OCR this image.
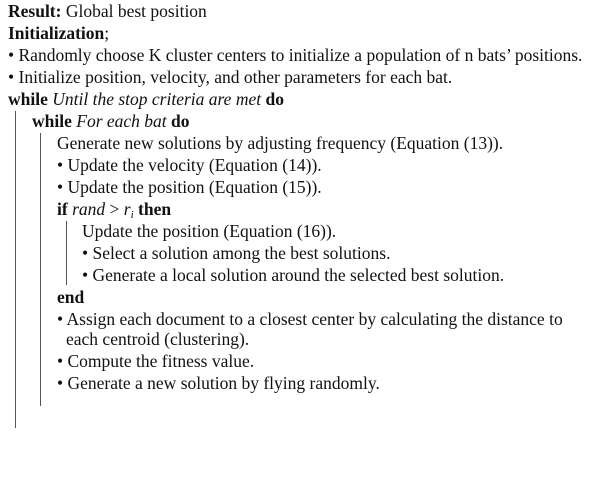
Result: Global best position
Initialization;
• Randomly choose K cluster centers to initialize a population of n bats’ positions.
• Initialize position, velocity, and other parameters for each bat.
while Until the stop criteria are met do
while For each bat do
Generate new solutions by adjusting frequency (Equation (13)).
• Update the velocity (Equation (14)).
• Update the position (Equation (15)).
if rand > $r_i$ then
Update the position (Equation (16)).
• Select a solution among the best solutions.
• Generate a local solution around the selected best solution.
end
• Assign each document to a closest center by calculating the distance to
each centroid (clustering).
• Compute the fitness value.
• Generate a new solution by flying randomly.
